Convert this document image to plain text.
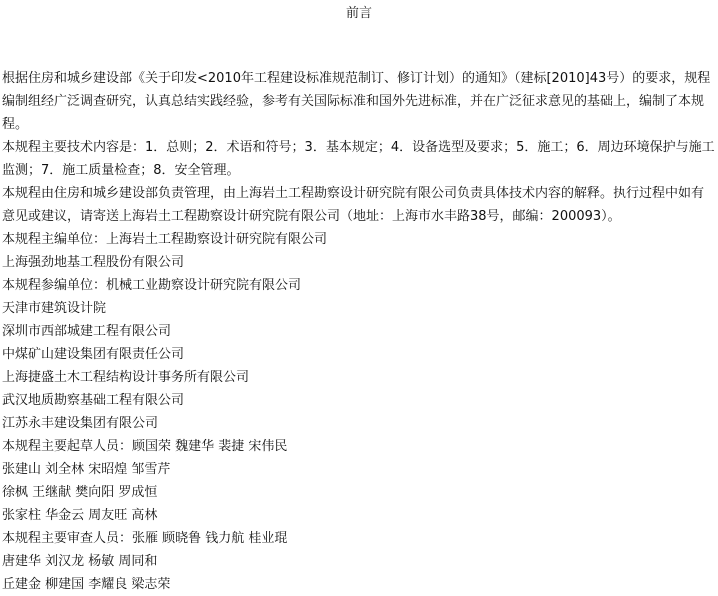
前言

根据住房和城乡建设部《关于印发<2010年工程建设标准规范制订、修订计划）的通知》（建标[2010]43号）的要求，规程编制组经广泛调查研究，认真总结实践经验，参考有关国际标准和国外先进标准，并在广泛征求意见的基础上，编制了本规程。

本规程主要技术内容是：1．总则；2．术语和符号；3．基本规定；4．设备选型及要求；5．施工；6．周边环境保护与施工监测；7．施工质量检查；8．安全管理。

本规程由住房和城乡建设部负责管理，由上海岩土工程勘察设计研究院有限公司负责具体技术内容的解释。执行过程中如有意见或建议，请寄送上海岩土工程勘察设计研究院有限公司（地址：上海市水丰路38号，邮编：200093）。

本规程主编单位：上海岩土工程勘察设计研究院有限公司
上海强劲地基工程股份有限公司
本规程参编单位：机械工业勘察设计研究院有限公司
天津市建筑设计院
深圳市西部城建工程有限公司
中煤矿山建设集团有限责任公司
上海捷盛土木工程结构设计事务所有限公司
武汉地质勘察基础工程有限公司
江苏永丰建设集团有限公司
本规程主要起草人员：顾国荣 魏建华 裴捷 宋伟民
张建山 刘全林 宋昭煌 邹雪芹
徐枫 王继献 樊向阳 罗成恒
张家柱 华金云 周友旺 高林
本规程主要审查人员：张雁 顾晓鲁 钱力航 桂业琨
唐建华 刘汉龙 杨敏 周同和
丘建金 柳建国 李耀良 梁志荣
